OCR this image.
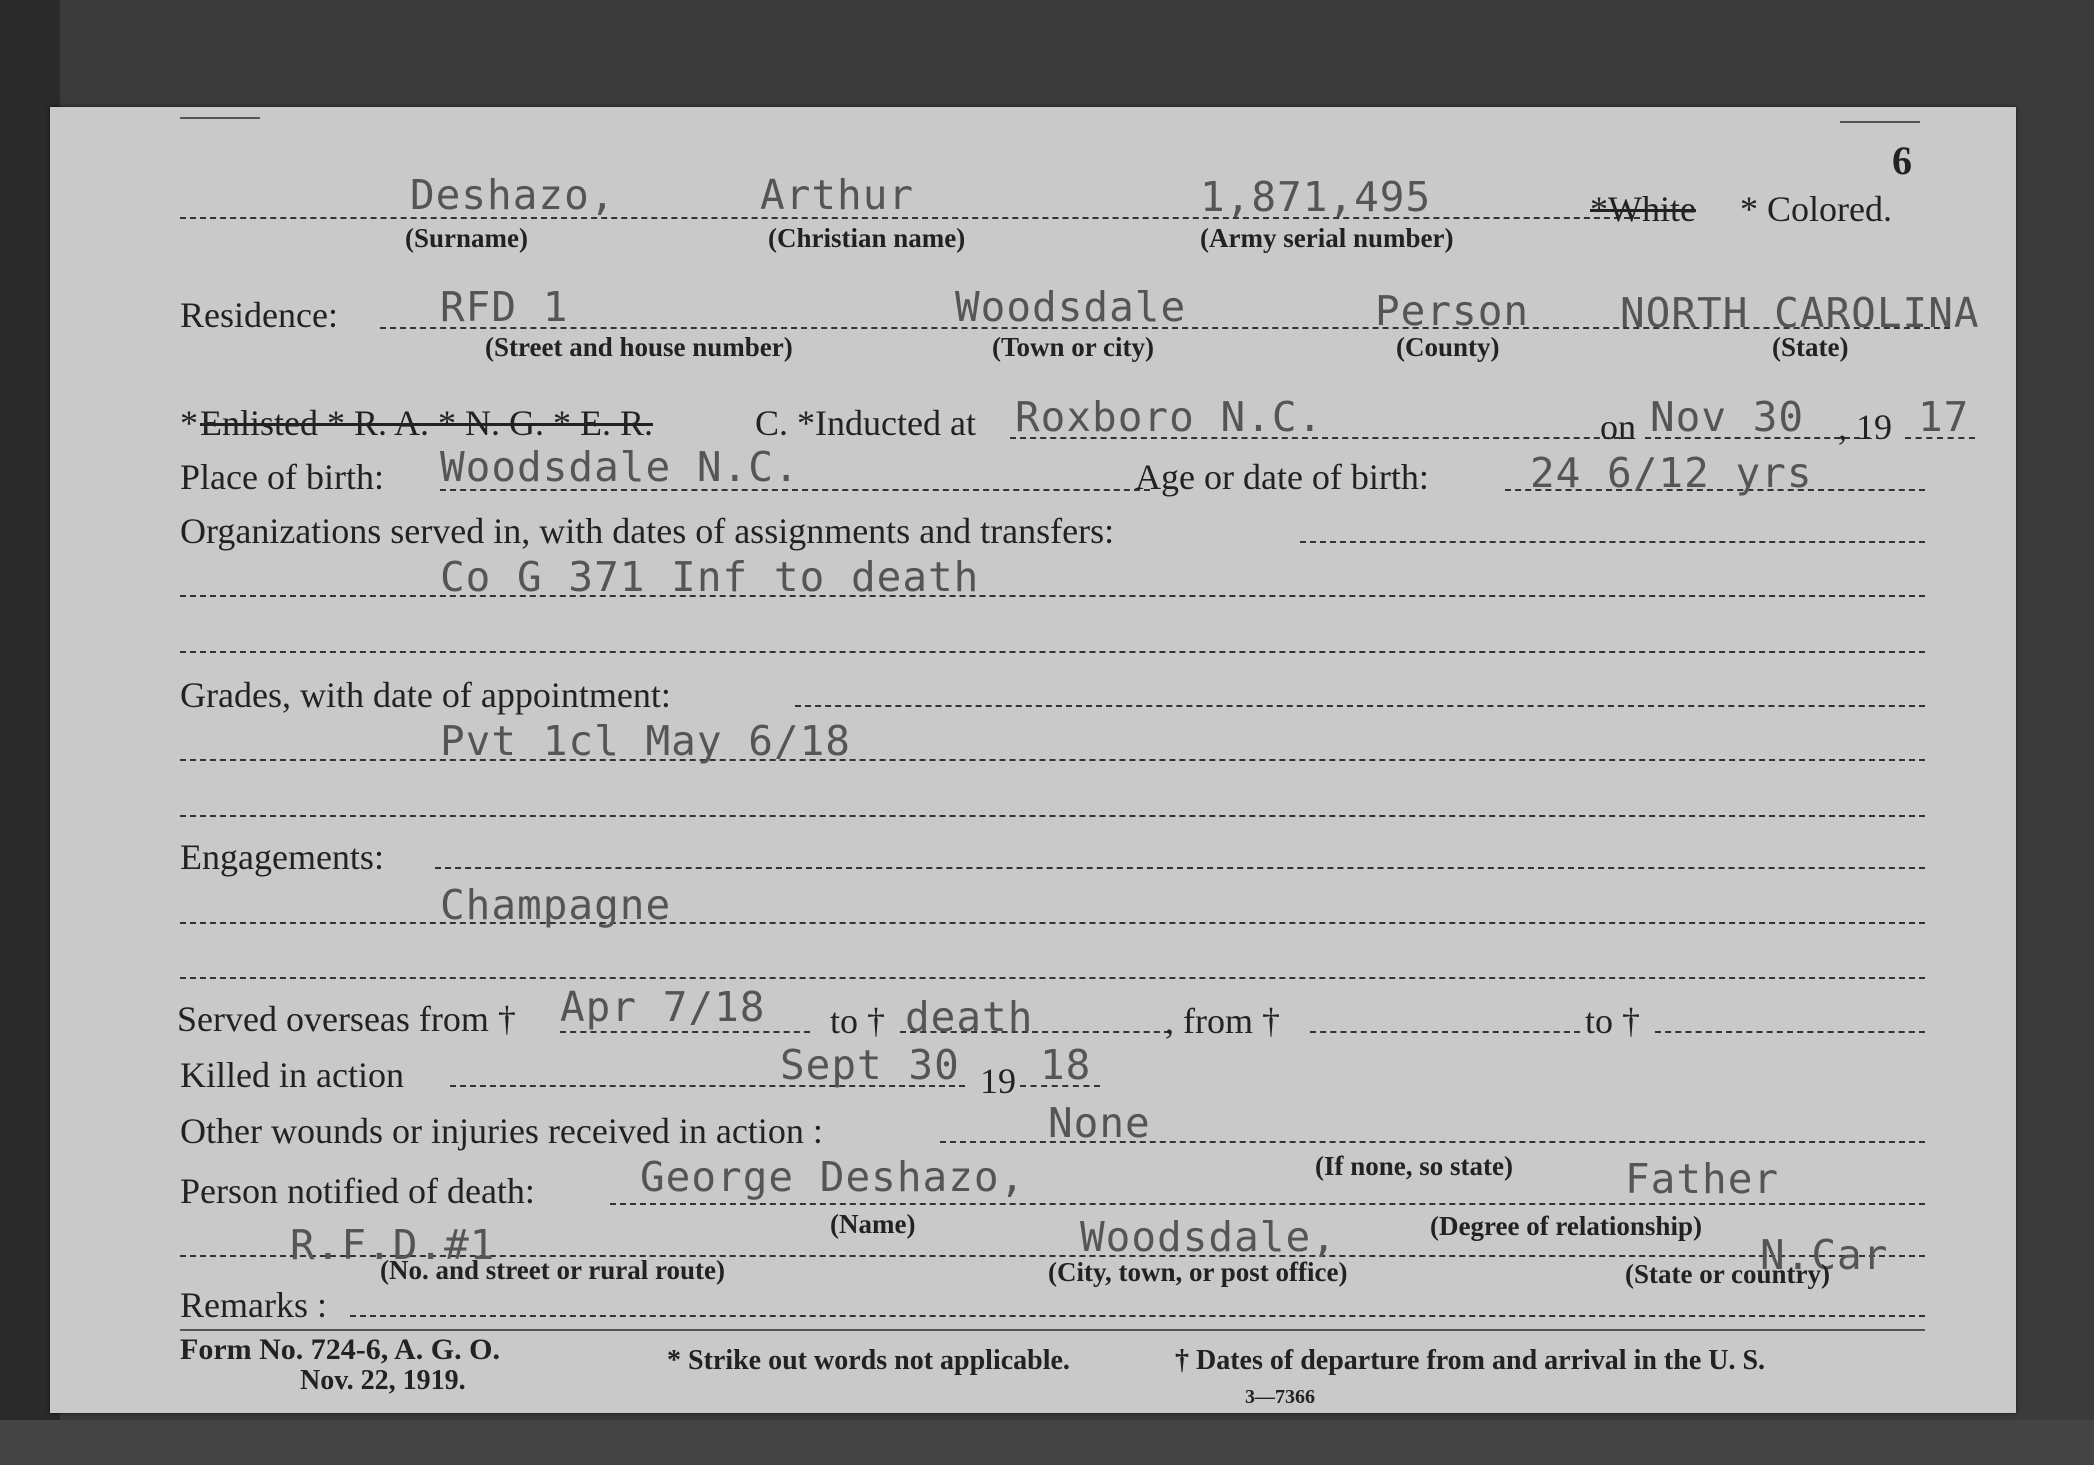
6
Deshazo,	Arthur	1,871,495	*White * Colored.
(Surname)	(Christian name)	(Army serial number)
Residence: RFD 1	Woodsdale	Person NORTH CAROLINA
(Street and house number)	(Town or city)	(County)	(State)
* Enlisted * R. A. * N. G. * E. R.	C. *Inducted at Roxboro N.C.	on Nov 30 , 19 17
Place of birth: Woodsdale N.C.	Age or date of birth: 24 6/12 yrs
Organizations served in, with dates of assignments and transfers:
Co G 371 Inf to death
Grades, with date of appointment:
Pvt 1cl May 6/18
Engagements:
Champagne
Served overseas from † Apr 7/18 to † death	, from †	to †
Killed in action	Sept 30 19 18
Other wounds or injuries received in action :	None
Person notified of death:	George Deshazo,	(If none, so state)	Father
(Name)	(Degree of relationship)
R.F.D.#1	Woodsdale,	N.Car
(No. and street or rural route)	(City, town, or post office)	(State or country)
Remarks :
Form No. 724-6, A. G. O.
Nov. 22, 1919.
* Strike out words not applicable.	† Dates of departure from and arrival in the U. S.
3—7366
